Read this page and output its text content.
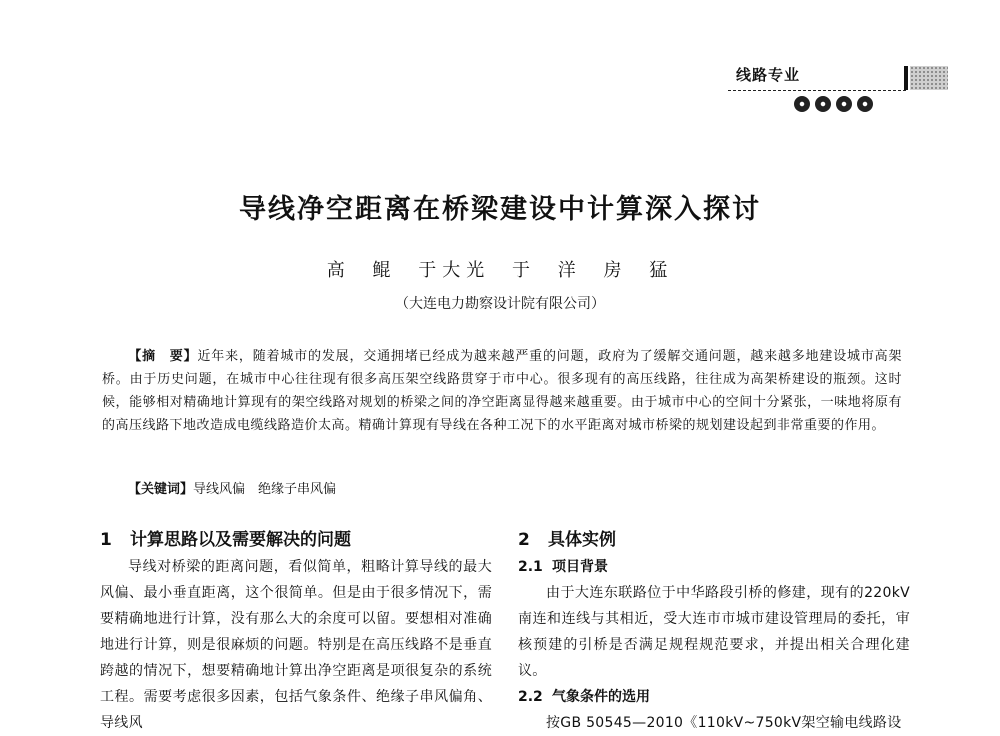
线路专业
导线净空距离在桥梁建设中计算深入探讨
高 鲲 于大光 于 洋 房 猛
（大连电力勘察设计院有限公司）
【摘　要】近年来，随着城市的发展，交通拥堵已经成为越来越严重的问题，政府为了缓解交通问题，越来越多地建设城市高架桥。由于历史问题，在城市中心往往现有很多高压架空线路贯穿于市中心。很多现有的高压线路，往往成为高架桥建设的瓶颈。这时候，能够相对精确地计算现有的架空线路对规划的桥梁之间的净空距离显得越来越重要。由于城市中心的空间十分紧张，一味地将原有的高压线路下地改造成电缆线路造价太高。精确计算现有导线在各种工况下的水平距离对城市桥梁的规划建设起到非常重要的作用。
【关键词】导线风偏　绝缘子串风偏

1 计算思路以及需要解决的问题

导线对桥梁的距离问题，看似简单，粗略计算导线的最大风偏、最小垂直距离，这个很简单。但是由于很多情况下，需要精确地进行计算，没有那么大的余度可以留。要想相对准确地进行计算，则是很麻烦的问题。特别是在高压线路不是垂直跨越的情况下，想要精确地计算出净空距离是项很复杂的系统工程。需要考虑很多因素，包括气象条件、绝缘子串风偏角、导线风

2 具体实例

2.1 项目背景

由于大连东联路位于中华路段引桥的修建，现有的220kV南连和连线与其相近，受大连市市城市建设管理局的委托，审核预建的引桥是否满足规程规范要求，并提出相关合理化建议。

2.2 气象条件的选用

按GB 50545—2010《110kV~750kV架空输电线路设
